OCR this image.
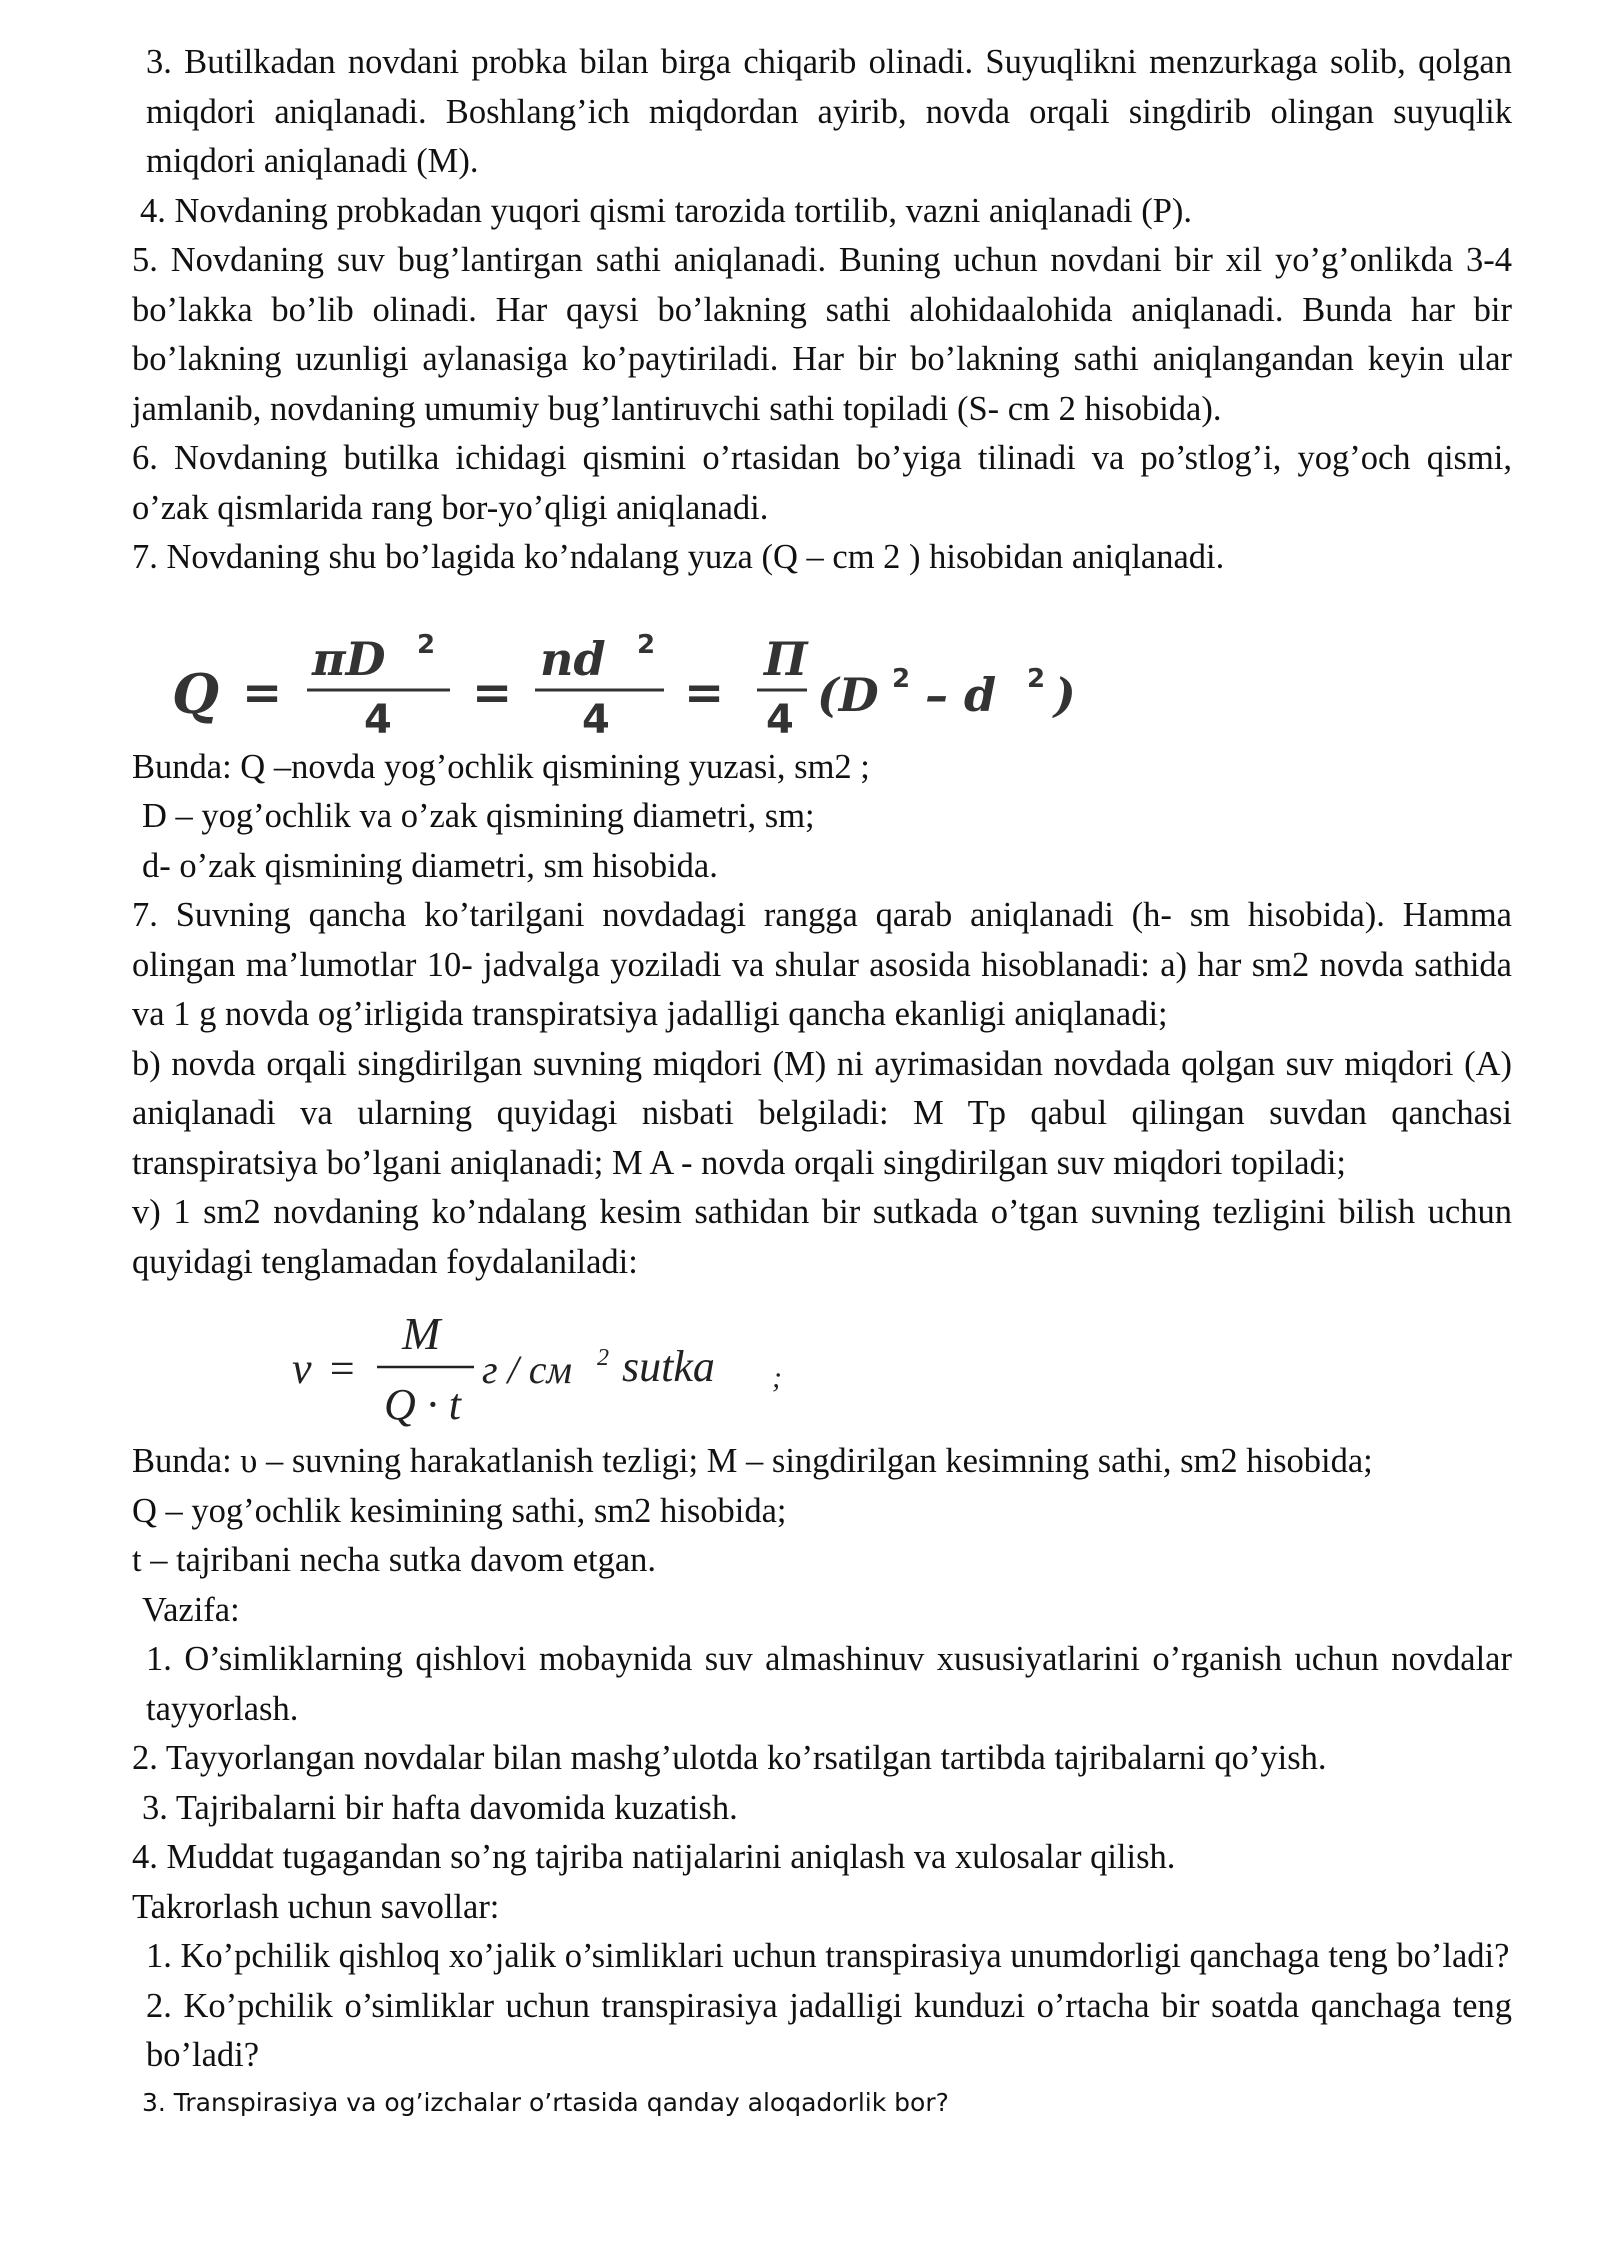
3. Butilkadan novdani probka bilan birga chiqarib olinadi. Suyuqlikni menzurkaga solib, qolgan miqdori aniqlanadi. Boshlang’ich miqdordan ayirib, novda orqali singdirib olingan suyuqlik miqdori aniqlanadi (M).

4. Novdaning probkadan yuqori qismi tarozida tortilib, vazni aniqlanadi (P).

5. Novdaning suv bug’lantirgan sathi aniqlanadi. Buning uchun novdani bir xil yo’g’onlikda 3-4 bo’lakka bo’lib olinadi. Har qaysi bo’lakning sathi alohidaalohida aniqlanadi. Bunda har bir bo’lakning uzunligi aylanasiga ko’paytiriladi. Har bir bo’lakning sathi aniqlangandan keyin ular jamlanib, novdaning umumiy bug’lantiruvchi sathi topiladi (S- cm 2 hisobida).

6. Novdaning butilka ichidagi qismini o’rtasidan bo’yiga tilinadi va po’stlog’i, yog’och qismi, o’zak qismlarida rang bor-yo’qligi aniqlanadi.

7. Novdaning shu bo’lagida ko’ndalang yuza (Q – cm 2 ) hisobidan aniqlanadi.

Q =
πD 2
4 =
nd 2
4 =
Π
4 (D 2 – d 2 )

Bunda: Q –novda yog’ochlik qismining yuzasi, sm2 ;

D – yog’ochlik va o’zak qismining diametri, sm;

d- o’zak qismining diametri, sm hisobida.

7. Suvning qancha ko’tarilgani novdadagi rangga qarab aniqlanadi (h- sm hisobida). Hamma olingan ma’lumotlar 10- jadvalga yoziladi va shular asosida hisoblanadi: a) har sm2 novda sathida va 1 g novda og’irligida transpiratsiya jadalligi qancha ekanligi aniqlanadi;

b) novda orqali singdirilgan suvning miqdori (M) ni ayrimasidan novdada qolgan suv miqdori (A) aniqlanadi va ularning quyidagi nisbati belgiladi: M Tp qabul qilingan suvdan qanchasi transpiratsiya bo’lgani aniqlanadi; M A - novda orqali singdirilgan suv miqdori topiladi;

v) 1 sm2 novdaning ko’ndalang kesim sathidan bir sutkada o’tgan suvning tezligini bilish uchun quyidagi tenglamadan foydalaniladi:

v =
M
Q · t
г / см 2 sutka ;

Bunda: υ – suvning harakatlanish tezligi; M – singdirilgan kesimning sathi, sm2 hisobida;

Q – yog’ochlik kesimining sathi, sm2 hisobida;

t – tajribani necha sutka davom etgan.

Vazifa:

1. O’simliklarning qishlovi mobaynida suv almashinuv xususiyatlarini o’rganish uchun novdalar tayyorlash.

2. Tayyorlangan novdalar bilan mashg’ulotda ko’rsatilgan tartibda tajribalarni qo’yish.

3. Tajribalarni bir hafta davomida kuzatish.

4. Muddat tugagandan so’ng tajriba natijalarini aniqlash va xulosalar qilish.

Takrorlash uchun savollar:

1. Ko’pchilik qishloq xo’jalik o’simliklari uchun transpirasiya unumdorligi qanchaga teng bo’ladi?

2. Ko’pchilik o’simliklar uchun transpirasiya jadalligi kunduzi o’rtacha bir soatda qanchaga teng bo’ladi?

3. Transpirasiya va og’izchalar o’rtasida qanday aloqadorlik bor?
